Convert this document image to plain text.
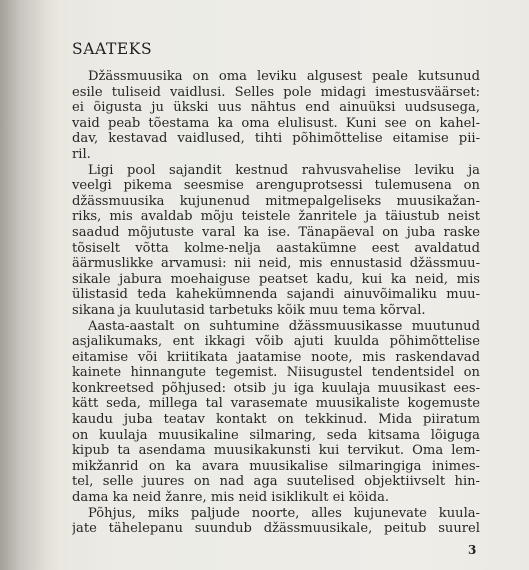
SAATEKS
Džässmuusika on oma leviku algusest peale kutsunud
esile tuliseid vaidlusi. Selles pole midagi imestusväärset:
ei õigusta ju ükski uus nähtus end ainuüksi uudsusega,
vaid peab tõestama ka oma elulisust. Kuni see on kahel-
dav, kestavad vaidlused, tihti põhimõttelise eitamise pii-
ril.
Ligi pool sajandit kestnud rahvusvahelise leviku ja
veelgi pikema seesmise arenguprotsessi tulemusena on
džässmuusika kujunenud mitmepalgeliseks muusikažan-
riks, mis avaldab mõju teistele žanritele ja täiustub neist
saadud mõjutuste varal ka ise. Tänapäeval on juba raske
tõsiselt võtta kolme-nelja aastakümne eest avaldatud
äärmuslikke arvamusi: nii neid, mis ennustasid džässmuu-
sikale jabura moehaiguse peatset kadu, kui ka neid, mis
ülistasid teda kahekümnenda sajandi ainuvõimaliku muu-
sikana ja kuulutasid tarbetuks kõik muu tema kõrval.
Aasta-aastalt on suhtumine džässmuusikasse muutunud
asjalikumaks, ent ikkagi võib ajuti kuulda põhimõttelise
eitamise või kriitikata jaatamise noote, mis raskendavad
kainete hinnangute tegemist. Niisugustel tendentsidel on
konkreetsed põhjused: otsib ju iga kuulaja muusikast ees-
kätt seda, millega tal varasemate muusikaliste kogemuste
kaudu juba teatav kontakt on tekkinud. Mida piiratum
on kuulaja muusikaline silmaring, seda kitsama lõiguga
kipub ta asendama muusikakunsti kui tervikut. Oma lem-
mikžanrid on ka avara muusikalise silmaringiga inimes-
tel, selle juures on nad aga suutelised objektiivselt hin-
dama ka neid žanre, mis neid isiklikult ei köida.
Põhjus, miks paljude noorte, alles kujunevate kuula-
jate tähelepanu suundub džässmuusikale, peitub suurel
3
